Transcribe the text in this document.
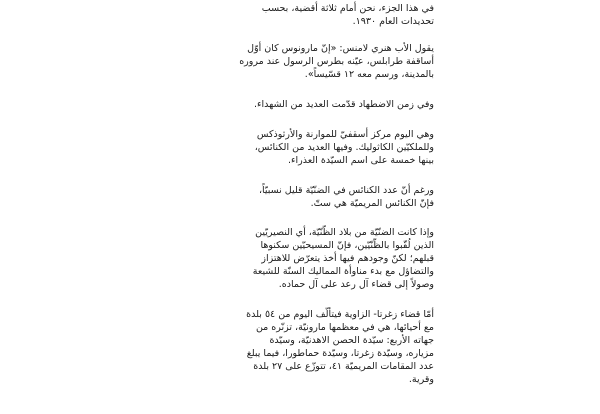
في هذا الجزء، نحن أمام ثلاثة أقضية، بحسب
تحديدات العام ١٩٣٠.

يقول الأب هنري لامنس: «إنّ مارونوس كان أوّل
أساقفة طرابلس، عيّنه بطرس الرسول عند مروره
بالمدينة، ورسم معه ١٢ قسّيساً».

وفي زمن الاضطهاد قدّمت العديد من الشهداء.

وهي اليوم مركز أسقفيّ للموارنة والأرثوذكس
وللملكيّين الكاثوليك. وفيها العديد من الكنائس،
بينها خمسة على اسم السيّدة العذراء.

ورغم أنّ عدد الكنائس في الضنّيّة قليل نسبيّاً،
فإنّ الكنائس المريميّة هي ستّ.

وإذا كانت الضنّيّة من بلاد الظّنّيّة، أي النصيريّين
الذين لُقّبوا بالظّنّيّين، فإنّ المسيحيّين سكنوها
قبلهم؛ لكنّ وجودهم فيها أخذ يتعرّض للاهتزاز
والتضاؤل مع بدء مناوأة المماليك السنّة للشيعة
وصولاً إلى قضاء آل رعد على آل حماده.

أمّا قضاء زغرتا- الزاوية فيتألّف اليوم من ٥٤ بلدة
مع أحيائها، هي في معظمها مارونيّة، تزنّره من
جهاته الأربع: سيّدة الحصن الاهدنيّة، وسيّدة
مزياره، وسيّدة زغرتا، وسيّدة حماطورا، فيما يبلغ
عدد المقامات المريميّة ٤١، تتوزّع على ٢٧ بلدة
وقرية.
